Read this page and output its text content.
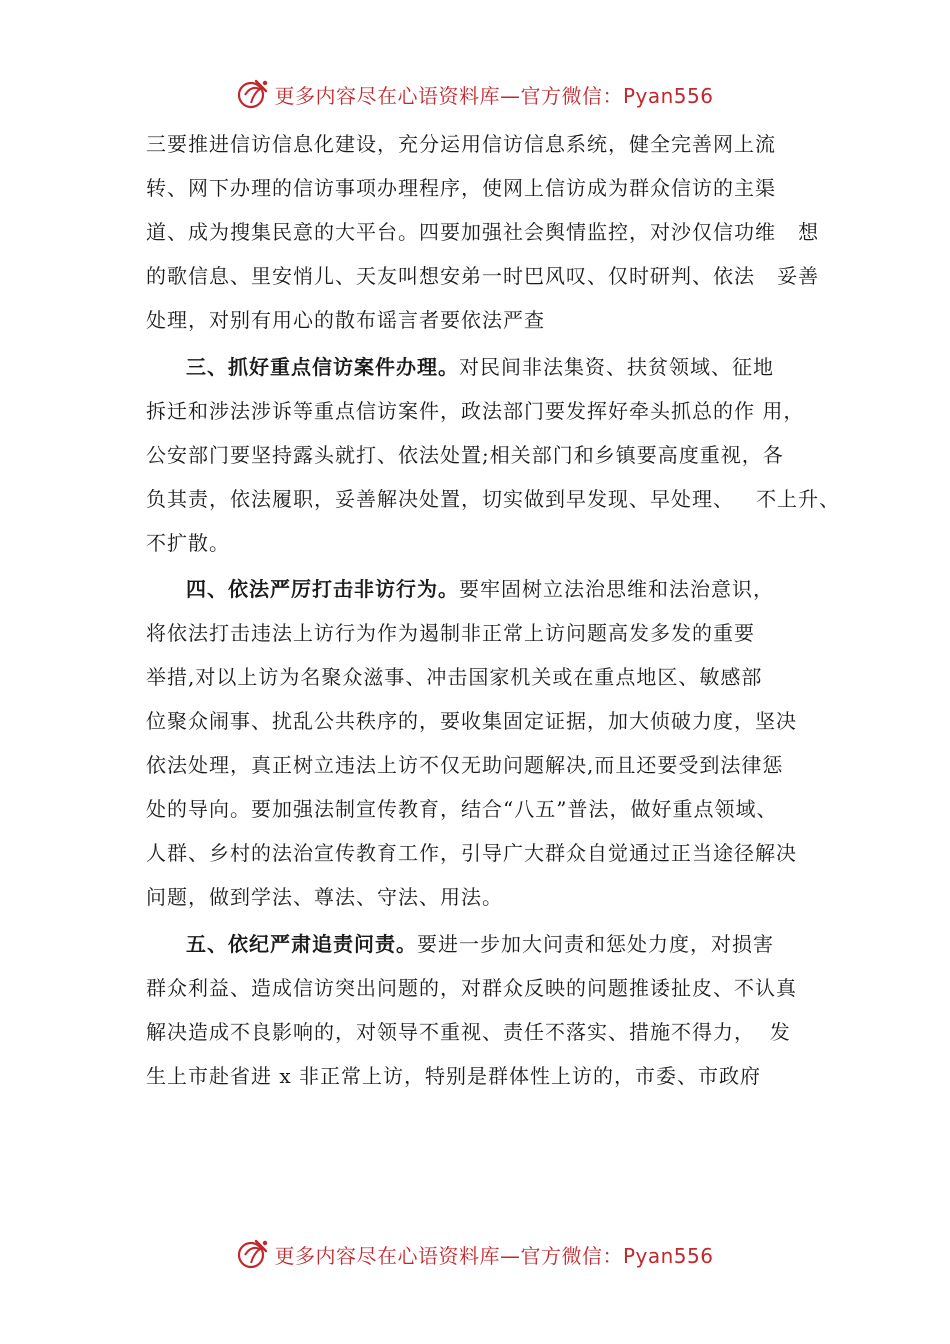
更多内容尽在心语资料库—官方微信：Pyan556
三要推进信访信息化建设，充分运用信访信息系统，健全完善网上流
转、网下办理的信访事项办理程序，使网上信访成为群众信访的主渠
道、成为搜集民意的大平台。四要加强社会舆情监控，对沙仅信功维   想
的歌信息、里安悄儿、天友叫想安弟一时巴风叹、仅时研判、依法   妥善
处理，对别有用心的散布谣言者要依法严查
三、抓好重点信访案件办理。对民间非法集资、扶贫领域、征地
拆迁和涉法涉诉等重点信访案件，政法部门要发挥好牵头抓总的作 用，
公安部门要坚持露头就打、依法处置;相关部门和乡镇要高度重视，各
负其责，依法履职，妥善解决处置，切实做到早发现、早处理、   不上升、
不扩散。
四、依法严厉打击非访行为。要牢固树立法治思维和法治意识，
将依法打击违法上访行为作为遏制非正常上访问题高发多发的重要
举措,对以上访为名聚众滋事、冲击国家机关或在重点地区、敏感部
位聚众闹事、扰乱公共秩序的，要收集固定证据，加大侦破力度，坚决
依法处理，真正树立违法上访不仅无助问题解决,而且还要受到法律惩
处的导向。要加强法制宣传教育，结合“八五”普法，做好重点领域、
人群、乡村的法治宣传教育工作，引导广大群众自觉通过正当途径解决
问题，做到学法、尊法、守法、用法。
五、依纪严肃追责问责。要进一步加大问责和惩处力度，对损害
群众利益、造成信访突出问题的，对群众反映的问题推诿扯皮、不认真
解决造成不良影响的，对领导不重视、责任不落实、措施不得力，  发
生上市赴省进 x 非正常上访，特别是群体性上访的，市委、市政府
更多内容尽在心语资料库—官方微信：Pyan556
